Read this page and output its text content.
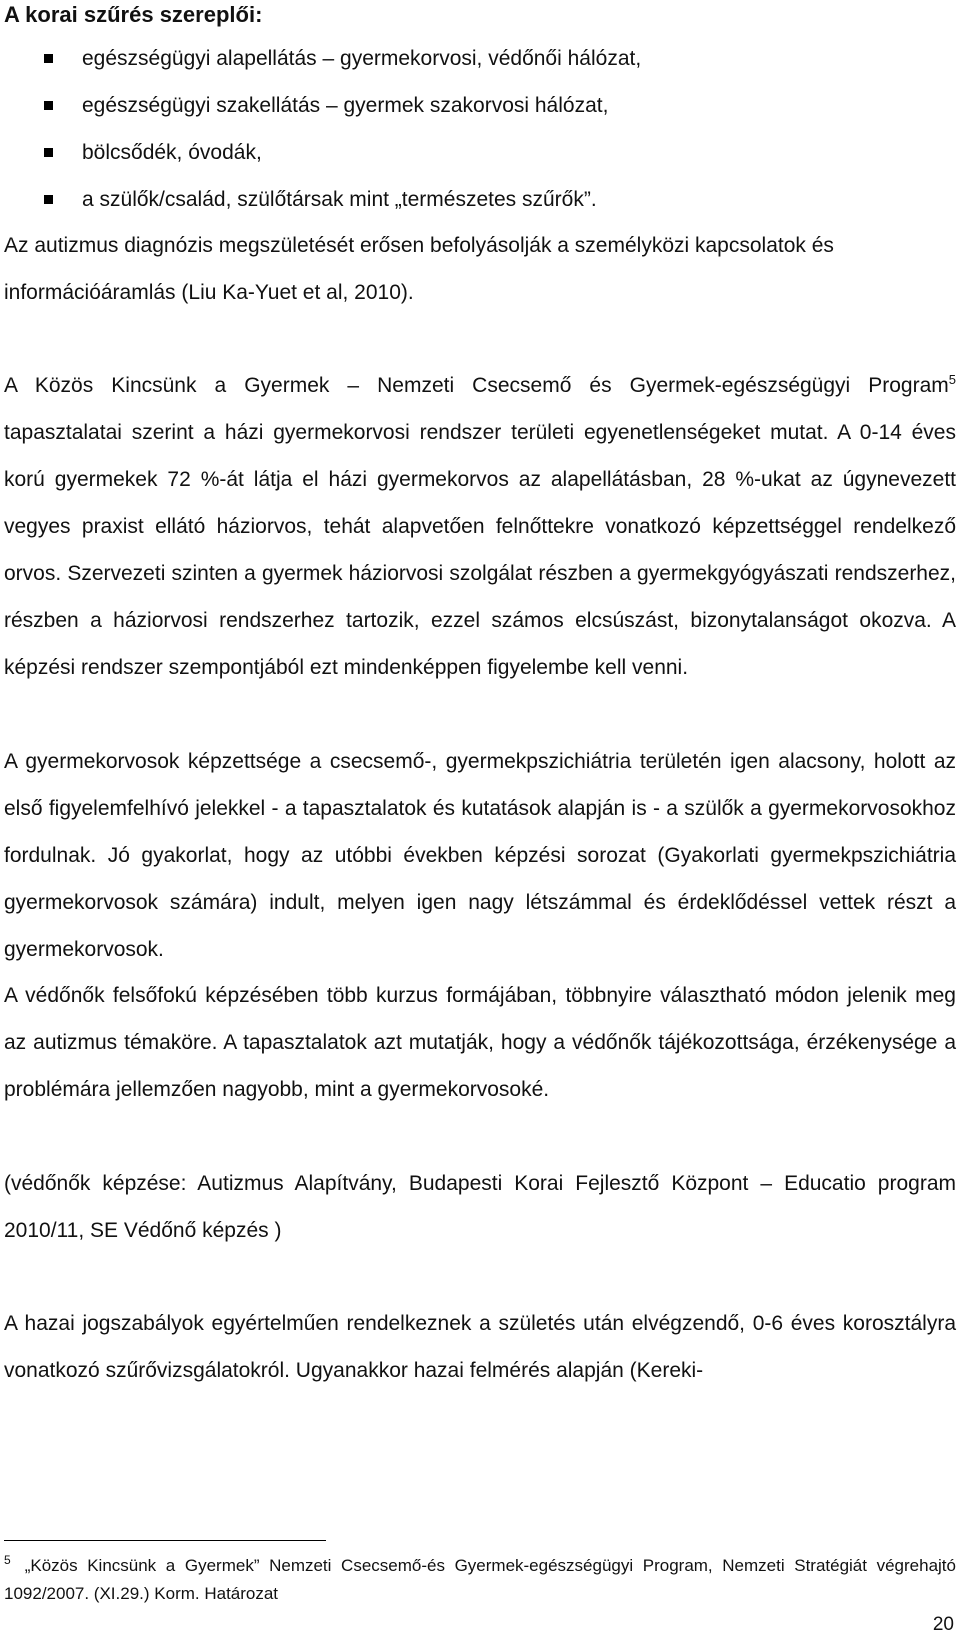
A korai szűrés szereplői:
egészségügyi alapellátás – gyermekorvosi, védőnői hálózat,
egészségügyi szakellátás – gyermek szakorvosi hálózat,
bölcsődék, óvodák,
a szülők/család, szülőtársak mint „természetes szűrők”.

Az autizmus diagnózis megszületését erősen befolyásolják a személyközi kapcsolatok és információáramlás (Liu Ka-Yuet et al, 2010).

A Közös Kincsünk a Gyermek – Nemzeti Csecsemő és Gyermek-egészségügyi Program$^5$ tapasztalatai szerint a házi gyermekorvosi rendszer területi egyenetlenségeket mutat. A 0-14 éves korú gyermekek 72 %-át látja el házi gyermekorvos az alapellátásban, 28 %-ukat az úgynevezett vegyes praxist ellátó háziorvos, tehát alapvetően felnőttekre vonatkozó képzettséggel rendelkező orvos. Szervezeti szinten a gyermek háziorvosi szolgálat részben a gyermekgyógyászati rendszerhez, részben a háziorvosi rendszerhez tartozik, ezzel számos elcsúszást, bizonytalanságot okozva. A képzési rendszer szempontjából ezt mindenképpen figyelembe kell venni.

A gyermekorvosok képzettsége a csecsemő-, gyermekpszichiátria területén igen alacsony, holott az első figyelemfelhívó jelekkel - a tapasztalatok és kutatások alapján is - a szülők a gyermekorvosokhoz fordulnak. Jó gyakorlat, hogy az utóbbi években képzési sorozat (Gyakorlati gyermekpszichiátria gyermekorvosok számára) indult, melyen igen nagy létszámmal és érdeklődéssel vettek részt a gyermekorvosok.

A védőnők felsőfokú képzésében több kurzus formájában, többnyire választható módon jelenik meg az autizmus témaköre. A tapasztalatok azt mutatják, hogy a védőnők tájékozottsága, érzékenysége a problémára jellemzően nagyobb, mint a gyermekorvosoké.

(védőnők képzése: Autizmus Alapítvány, Budapesti Korai Fejlesztő Központ – Educatio program 2010/11, SE Védőnő képzés )

A hazai jogszabályok egyértelműen rendelkeznek a születés után elvégzendő, 0-6 éves korosztályra vonatkozó szűrővizsgálatokról. Ugyanakkor hazai felmérés alapján (Kereki-

$^5$ „Közös Kincsünk a Gyermek” Nemzeti Csecsemő-és Gyermek-egészségügyi Program, Nemzeti Stratégiát végrehajtó 1092/2007. (XI.29.) Korm. Határozat
20
